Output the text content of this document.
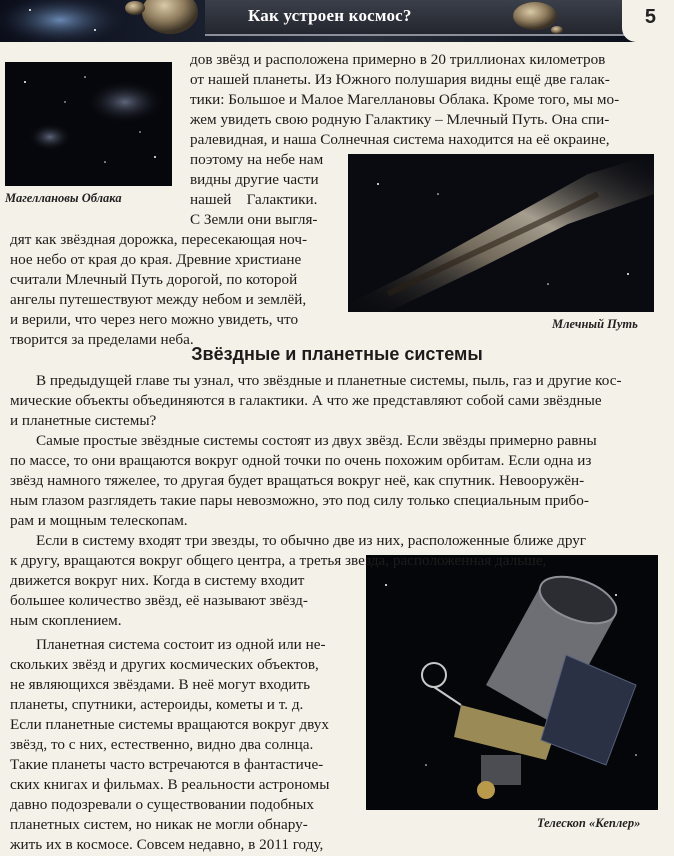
Как устроен космос?	5
Магеллановы Облака
Млечный Путь
Телескоп «Кеплер»
Звёздные и планетные системы
дов звёзд и расположена примерно в 20 триллионах километров
от нашей планеты. Из Южного полушария видны ещё две галак-
тики: Большое и Малое Магеллановы Облака. Кроме того, мы мо-
жем увидеть свою родную Галактику – Млечный Путь. Она спи-
ралевидная, и наша Солнечная система находится на её окраине,
поэтому на небе нам
видны другие части
нашей    Галактики.
С Земли они выгля-
дят как звёздная дорожка, пересекающая ноч-
ное небо от края до края. Древние христиане
считали Млечный Путь дорогой, по которой
ангелы путешествуют между небом и землёй,
и верили, что через него можно увидеть, что
творится за пределами неба.
В предыдущей главе ты узнал, что звёздные и планетные системы, пыль, газ и другие кос-
мические объекты объединяются в галактики. А что же представляют собой сами звёздные
и планетные системы?
Самые простые звёздные системы состоят из двух звёзд. Если звёзды примерно равны
по массе, то они вращаются вокруг одной точки по очень похожим орбитам. Если одна из
звёзд намного тяжелее, то другая будет вращаться вокруг неё, как спутник. Невооружён-
ным глазом разглядеть такие пары невозможно, это под силу только специальным прибо-
рам и мощным телескопам.
Если в систему входят три звезды, то обычно две из них, расположенные ближе друг
к другу, вращаются вокруг общего центра, а третья звезда, расположенная дальше,
движется вокруг них. Когда в систему входит
большее количество звёзд, её называют звёзд-
ным скоплением.
Планетная система состоит из одной или не-
скольких звёзд и других космических объектов,
не являющихся звёздами. В неё могут входить
планеты, спутники, астероиды, кометы и т. д.
Если планетные системы вращаются вокруг двух
звёзд, то с них, естественно, видно два солнца.
Такие планеты часто встречаются в фантастиче-
ских книгах и фильмах. В реальности астрономы
давно подозревали о существовании подобных
планетных систем, но никак не могли обнару-
жить их в космосе. Совсем недавно, в 2011 году,
